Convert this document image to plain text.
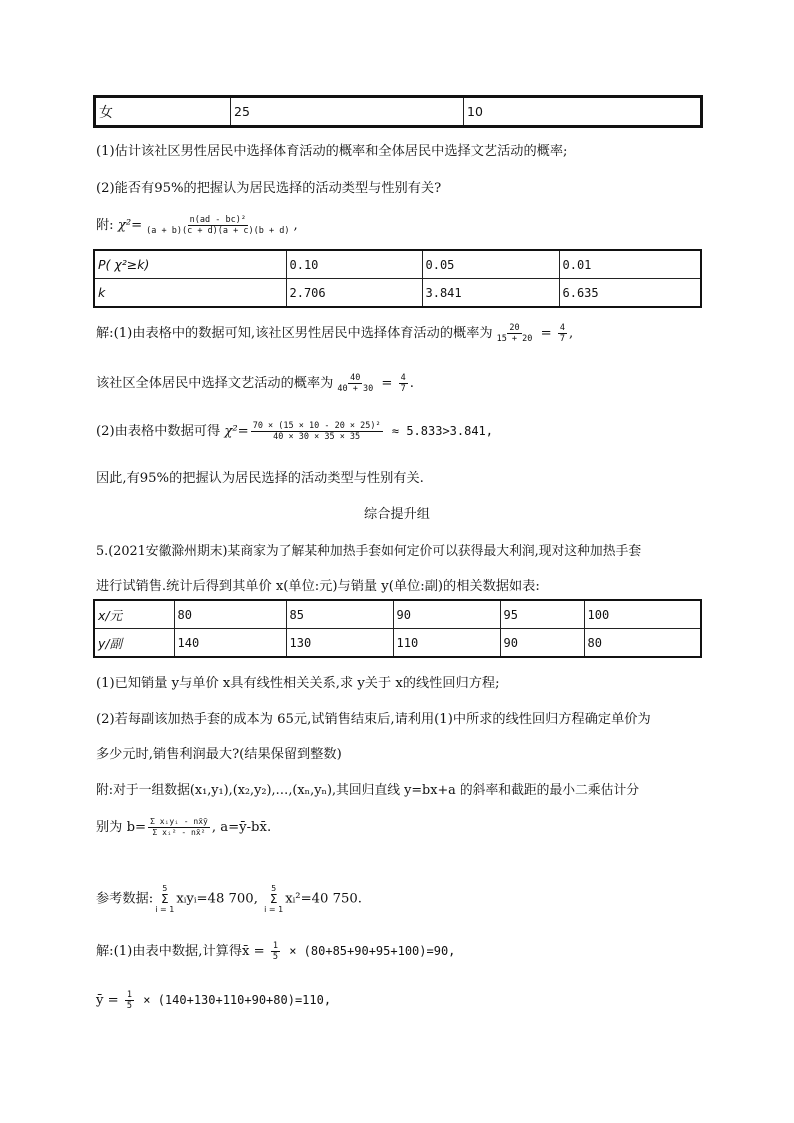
女	25	10
(1)估计该社区男性居民中选择体育活动的概率和全体居民中选择文艺活动的概率;
(2)能否有95%的把握认为居民选择的活动类型与性别有关?
附: $\chi^2= \frac{\text{n(ad - bc)²}}{(a + b)(c + d)(a + c)(b + d)}$ ,
P( χ²≥k)	0.10	0.05	0.01
k	2.706	3.841	6.635
解:(1)由表格中的数据可知,该社区男性居民中选择体育活动的概率为 $\frac{20}{15 + 20} = \frac{4}{7}$ ,
该社区全体居民中选择文艺活动的概率为 $\frac{40}{40 + 30} = \frac{4}{7}$ .
(2)由表格中数据可得 $\chi^2= \frac{\text{70 × (15 × 10 - 20 × 25)²}}{40 \times 30 \times 35 \times 35} \approx 5.833>3.841$,
因此,有95%的把握认为居民选择的活动类型与性别有关.
综合提升组
5.(2021安徽滁州期末)某商家为了解某种加热手套如何定价可以获得最大利润,现对这种加热手套
进行试销售.统计后得到其单价 x(单位:元)与销量 y(单位:副)的相关数据如表:
x/元	80	85	90	95	100
y/副	140	130	110	90	80
(1)已知销量 y与单价 x具有线性相关关系,求 y关于 x的线性回归方程;
(2)若每副该加热手套的成本为 65元,试销售结束后,请利用(1)中所求的线性回归方程确定单价为
多少元时,销售利润最大?(结果保留到整数)
附:对于一组数据(x₁,y₁),(x₂,y₂),…,(xₙ,yₙ),其回归直线 y=bx+a 的斜率和截距的最小二乘估计分
别为 $b= \frac{\text{Σ xᵢyᵢ - nx̄ȳ}}{\text{Σ xᵢ² - nx̄²}}$ , a=ȳ-bx̄.
参考数据:
5
Σ
i = 1
xᵢyᵢ=48 700,
5
Σ
i = 1
xᵢ²=40 750.
解:(1)由表中数据,计算得x̄ = $\frac{1}{5} \times (80+85+90+95+100)=90$,
ȳ = $\frac{1}{5} \times (140+130+110+90+80)=110$,
